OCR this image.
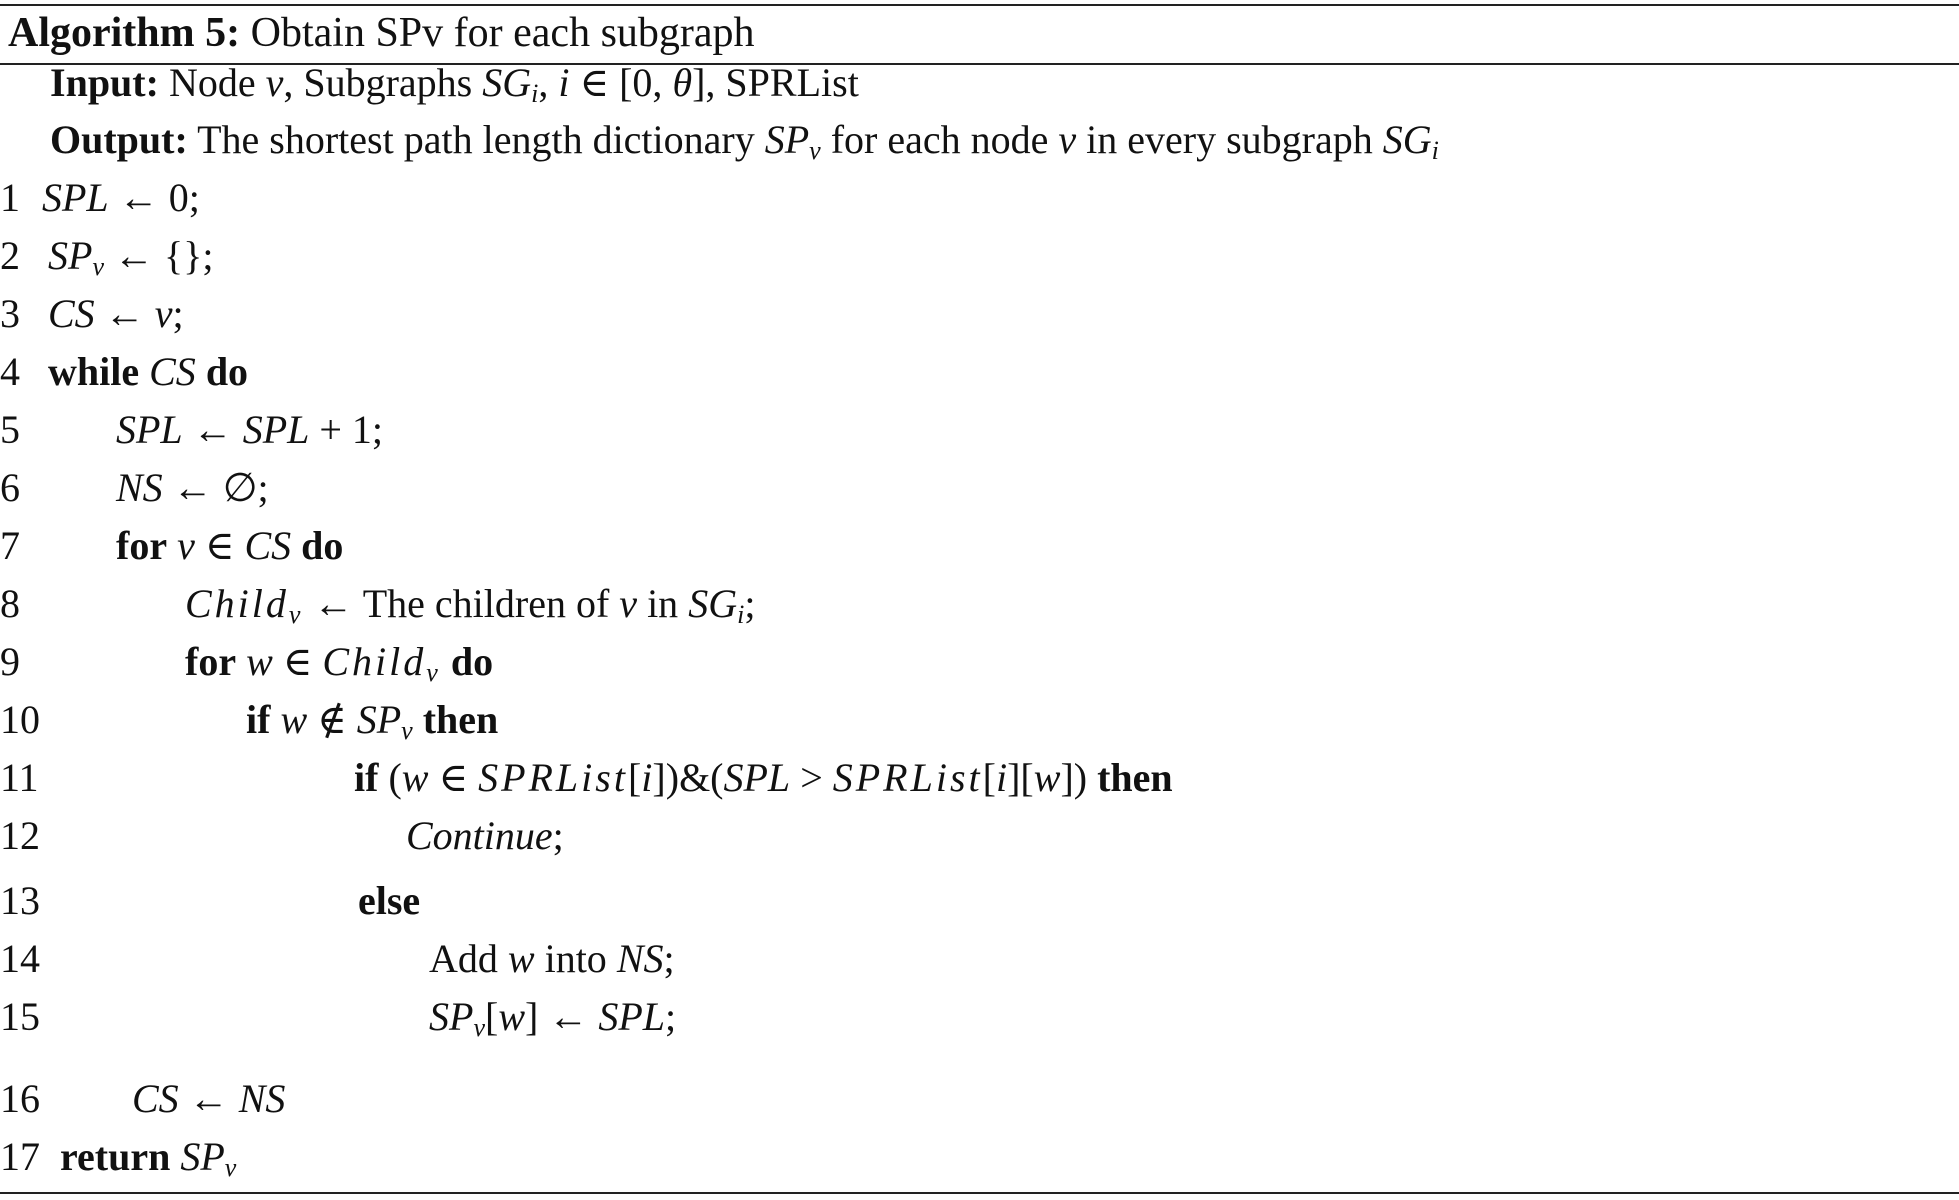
Algorithm 5: Obtain SPv for each subgraph
Input: Node v, Subgraphs $SG_i$, i ∈ [0, θ], SPRList
Output: The shortest path length dictionary $SP_v$ for each node v in every subgraph $SG_i$
1 SPL ← 0;
2 $SP_v$ ← {};
3 CS ← v;
4 while CS do
5	SPL ← SPL + 1;
6	NS ← ∅;
7	for v ∈ CS do
8	Child$_v$ ← The children of v in $SG_i$;
9	for w ∈ Child$_v$ do
10	if w ∉ $SP_v$ then
11	if (w ∈ SPRList[i])&(SPL > SPRList[i][w]) then
12	Continue;
13	else
14	Add w into NS;
15	$SP_v[w]$ ← SPL;
16 CS ← NS
17 return $SP_v$
